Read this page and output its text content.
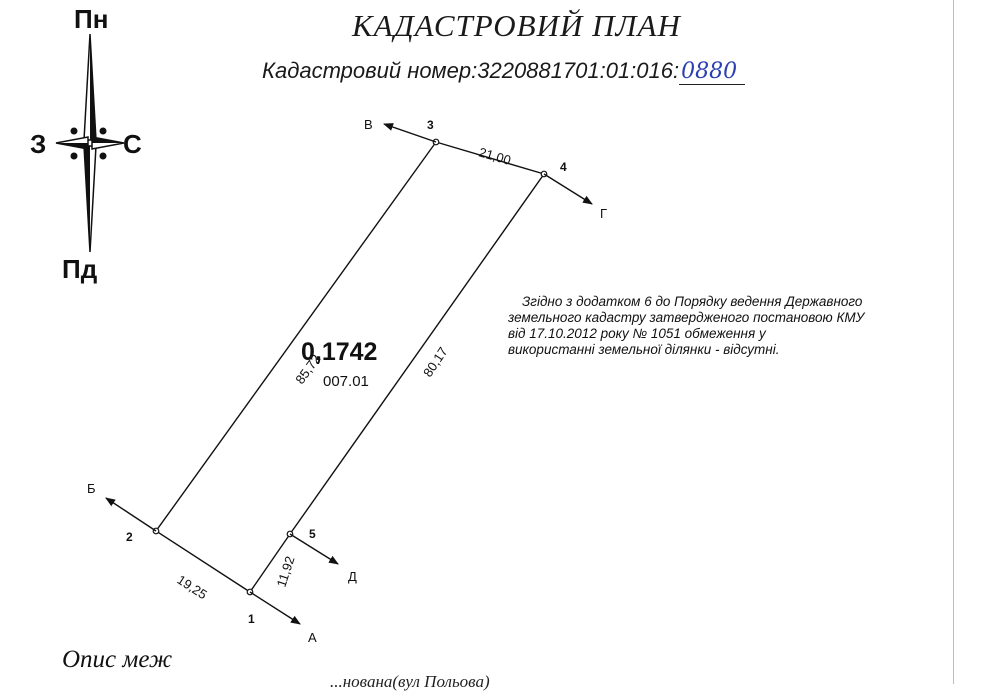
КАДАСТРОВИЙ ПЛАН
Кадастровий номер:3220881701:01:016:0880
Пн
Пд
З	С
1
2
3
4
5
А
Б
В
Г
Д
19,25
85,72
21,00
80,17
11,92
0,1742
007.01
Згідно з додатком 6 до Порядку ведення Державного
земельного кадастру затвердженого постановою КМУ
від 17.10.2012 року № 1051 обмеження у
використанні земельної ділянки - відсутні.
Опис меж
...нована(вул Польова)
